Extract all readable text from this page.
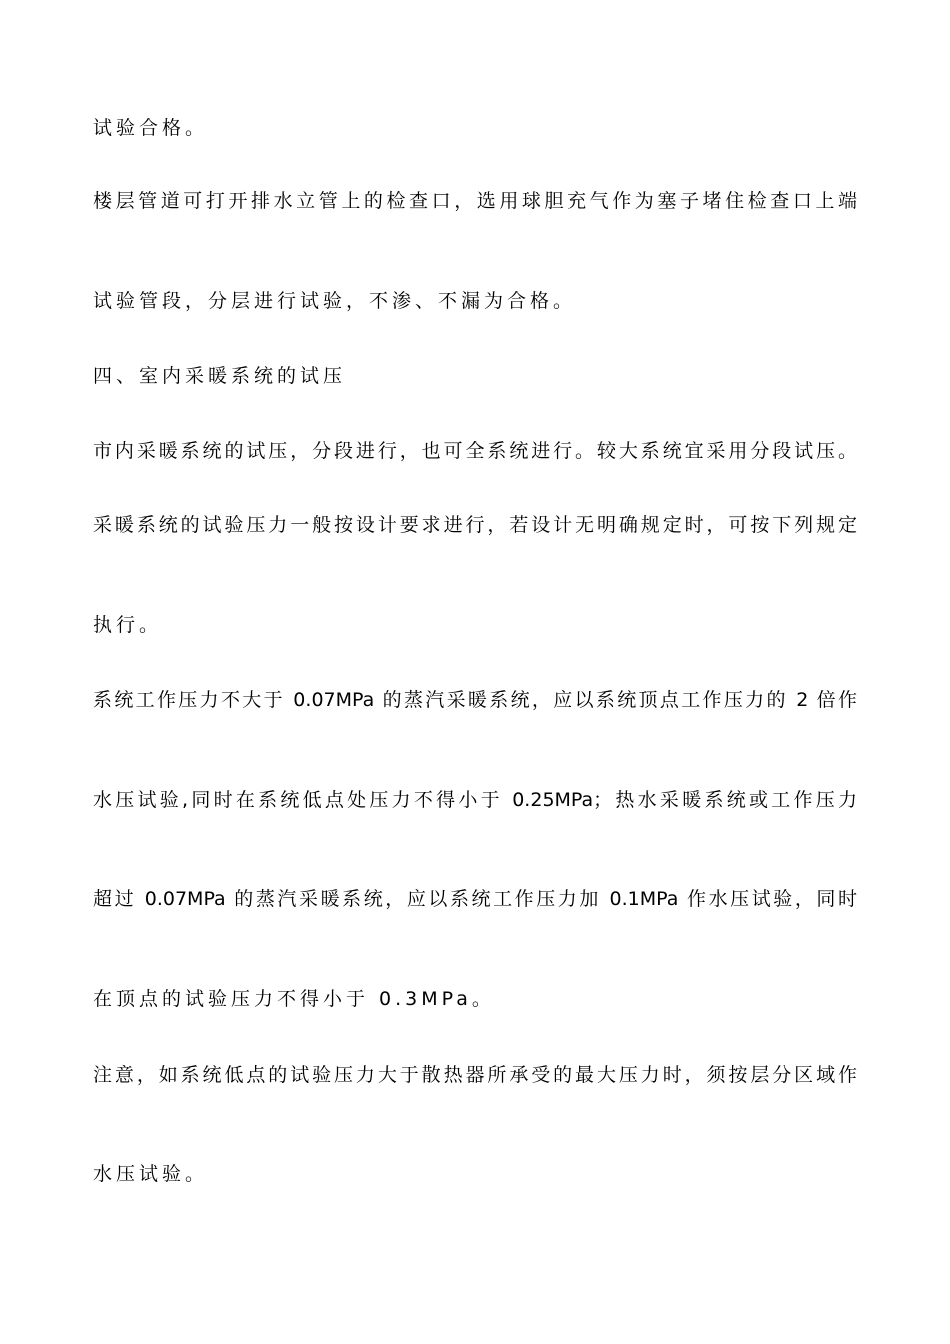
试验合格。
楼层管道可打开排水立管上的检查口，选用球胆充气作为塞子堵住检查口上端
试验管段，分层进行试验，不渗、不漏为合格。
四、室内采暖系统的试压
市内采暖系统的试压，分段进行，也可全系统进行。较大系统宜采用分段试压。
采暖系统的试验压力一般按设计要求进行，若设计无明确规定时，可按下列规定
执行。
系统工作压力不大于 0.07MPa 的蒸汽采暖系统，应以系统顶点工作压力的 2 倍作
水压试验,同时在系统低点处压力不得小于 0.25MPa；热水采暖系统或工作压力
超过 0.07MPa 的蒸汽采暖系统，应以系统工作压力加 0.1MPa 作水压试验，同时
在顶点的试验压力不得小于 0.3MPa。
注意，如系统低点的试验压力大于散热器所承受的最大压力时，须按层分区域作
水压试验。
